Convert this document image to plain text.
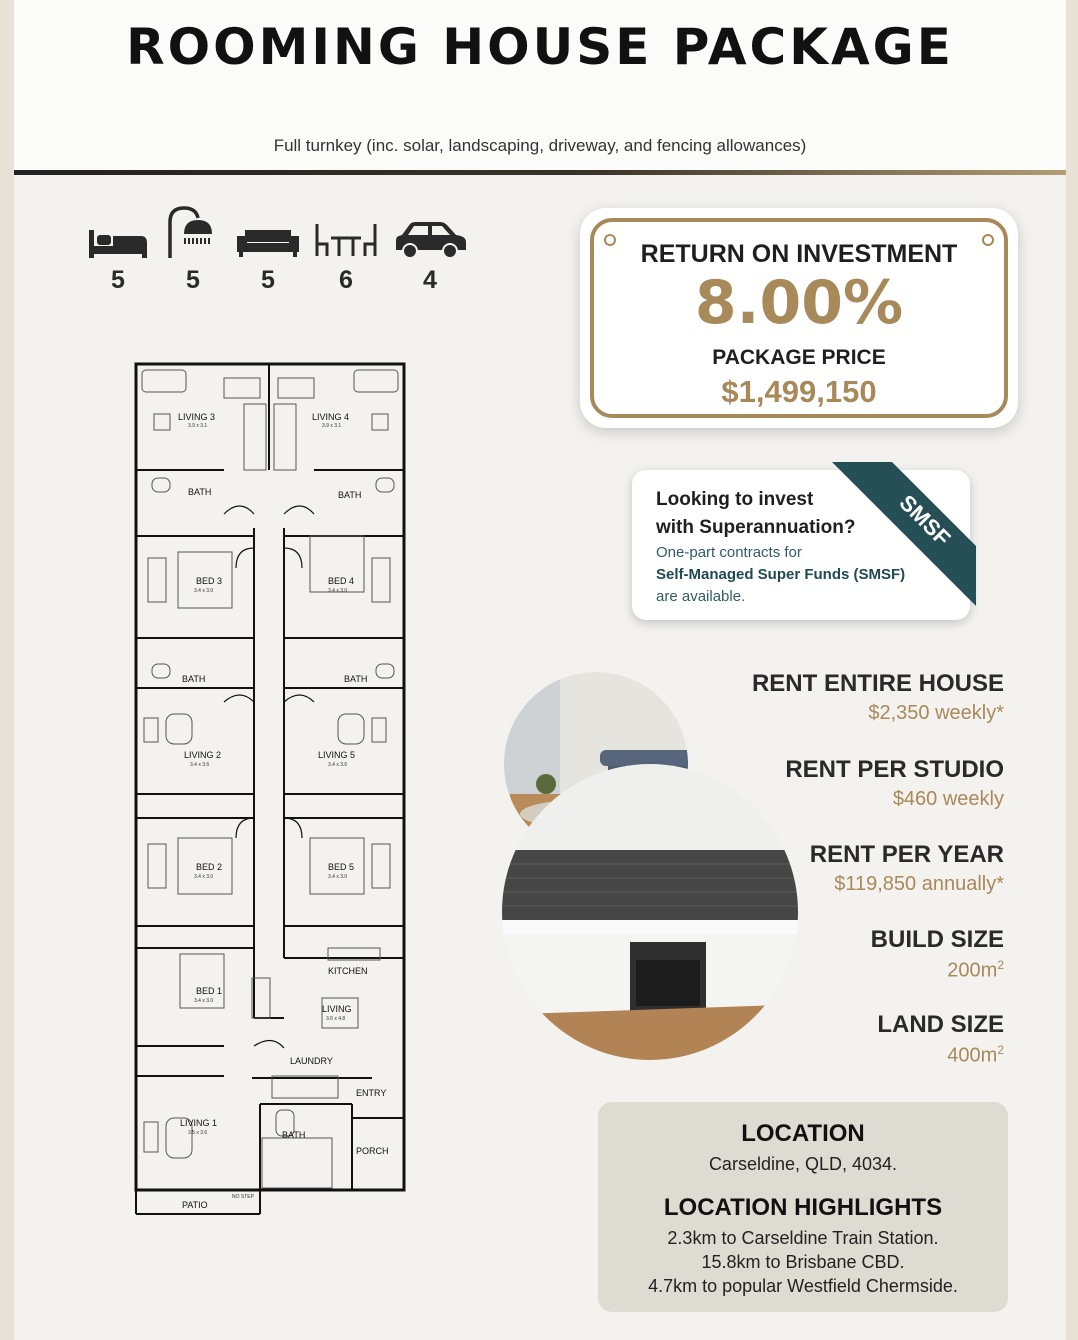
ROOMING HOUSE PACKAGE
Full turnkey (inc. solar, landscaping, driveway, and fencing allowances)
5	5	5	6	4
LIVING 3
3.9 x 3.1
LIVING 4
3.9 x 3.1
BATH	BATH
BED 3
3.4 x 3.0
BED 4
3.4 x 3.0
BATH	BATH
LIVING 2
3.4 x 3.6
LIVING 5
3.4 x 3.6
BED 2
3.4 x 3.0
BED 5
3.4 x 3.0
KITCHEN
BED 1
3.4 x 3.0
LIVING
3.6 x 4.8
LAUNDRY
ENTRY
LIVING 1
3.5 x 3.6	BATH
PORCH
PATIO
NO STEP
RETURN ON INVESTMENT
8.00%
PACKAGE PRICE
$1,499,150
Looking to invest
with Superannuation?
One-part contracts for
Self-Managed Super Funds (SMSF)
are available.
SMSF
RENT ENTIRE HOUSE
$2,350 weekly*
RENT PER STUDIO
$460 weekly
RENT PER YEAR
$119,850 annually*
BUILD SIZE
$200m^2$
LAND SIZE
$400m^2$
LOCATION
Carseldine, QLD, 4034.
LOCATION HIGHLIGHTS
2.3km to Carseldine Train Station.
15.8km to Brisbane CBD.
4.7km to popular Westfield Chermside.
